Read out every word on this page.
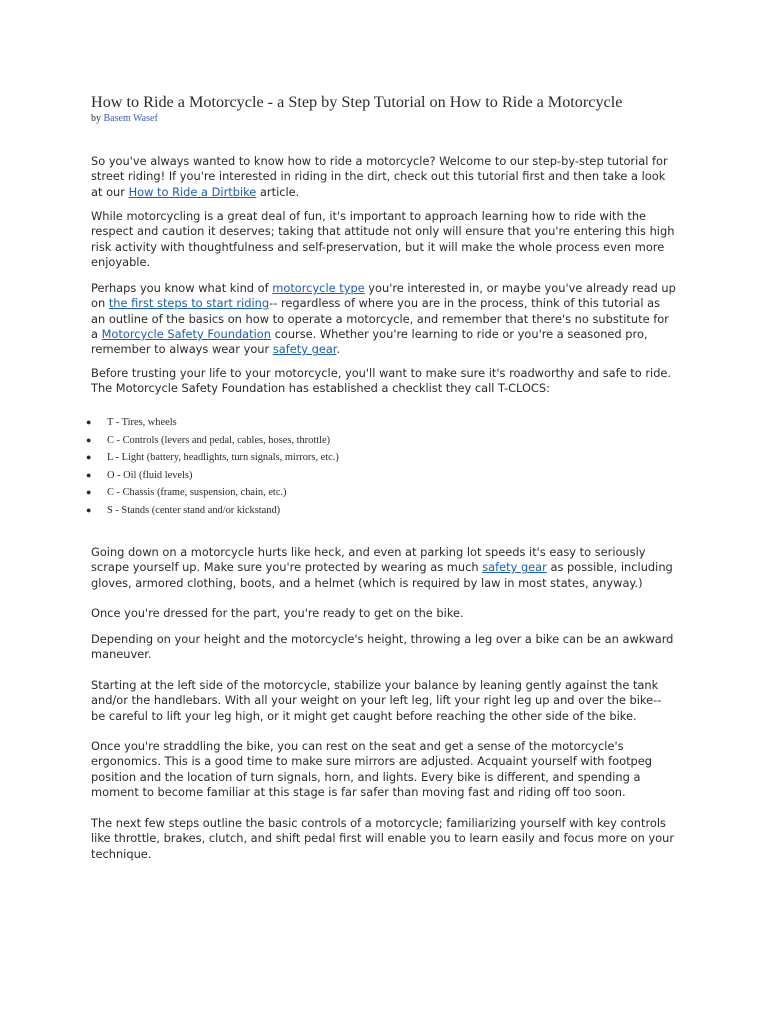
How to Ride a Motorcycle - a Step by Step Tutorial on How to Ride a Motorcycle
by Basem Wasef

So you've always wanted to know how to ride a motorcycle? Welcome to our step-by-step tutorial for
street riding! If you're interested in riding in the dirt, check out this tutorial first and then take a look
at our How to Ride a Dirtbike article.

While motorcycling is a great deal of fun, it's important to approach learning how to ride with the
respect and caution it deserves; taking that attitude not only will ensure that you're entering this high
risk activity with thoughtfulness and self-preservation, but it will make the whole process even more
enjoyable.

Perhaps you know what kind of motorcycle type you're interested in, or maybe you've already read up
on the first steps to start riding-- regardless of where you are in the process, think of this tutorial as
an outline of the basics on how to operate a motorcycle, and remember that there's no substitute for
a Motorcycle Safety Foundation course. Whether you're learning to ride or you're a seasoned pro,
remember to always wear your safety gear.

Before trusting your life to your motorcycle, you'll want to make sure it's roadworthy and safe to ride.
The Motorcycle Safety Foundation has established a checklist they call T-CLOCS:

● T - Tires, wheels
● C - Controls (levers and pedal, cables, hoses, throttle)
● L - Light (battery, headlights, turn signals, mirrors, etc.)
● O - Oil (fluid levels)
● C - Chassis (frame, suspension, chain, etc.)
● S - Stands (center stand and/or kickstand)

Going down on a motorcycle hurts like heck, and even at parking lot speeds it's easy to seriously
scrape yourself up. Make sure you're protected by wearing as much safety gear as possible, including
gloves, armored clothing, boots, and a helmet (which is required by law in most states, anyway.)

Once you're dressed for the part, you're ready to get on the bike.

Depending on your height and the motorcycle's height, throwing a leg over a bike can be an awkward
maneuver.

Starting at the left side of the motorcycle, stabilize your balance by leaning gently against the tank
and/or the handlebars. With all your weight on your left leg, lift your right leg up and over the bike--
be careful to lift your leg high, or it might get caught before reaching the other side of the bike.

Once you're straddling the bike, you can rest on the seat and get a sense of the motorcycle's
ergonomics. This is a good time to make sure mirrors are adjusted. Acquaint yourself with footpeg
position and the location of turn signals, horn, and lights. Every bike is different, and spending a
moment to become familiar at this stage is far safer than moving fast and riding off too soon.

The next few steps outline the basic controls of a motorcycle; familiarizing yourself with key controls
like throttle, brakes, clutch, and shift pedal first will enable you to learn easily and focus more on your
technique.
